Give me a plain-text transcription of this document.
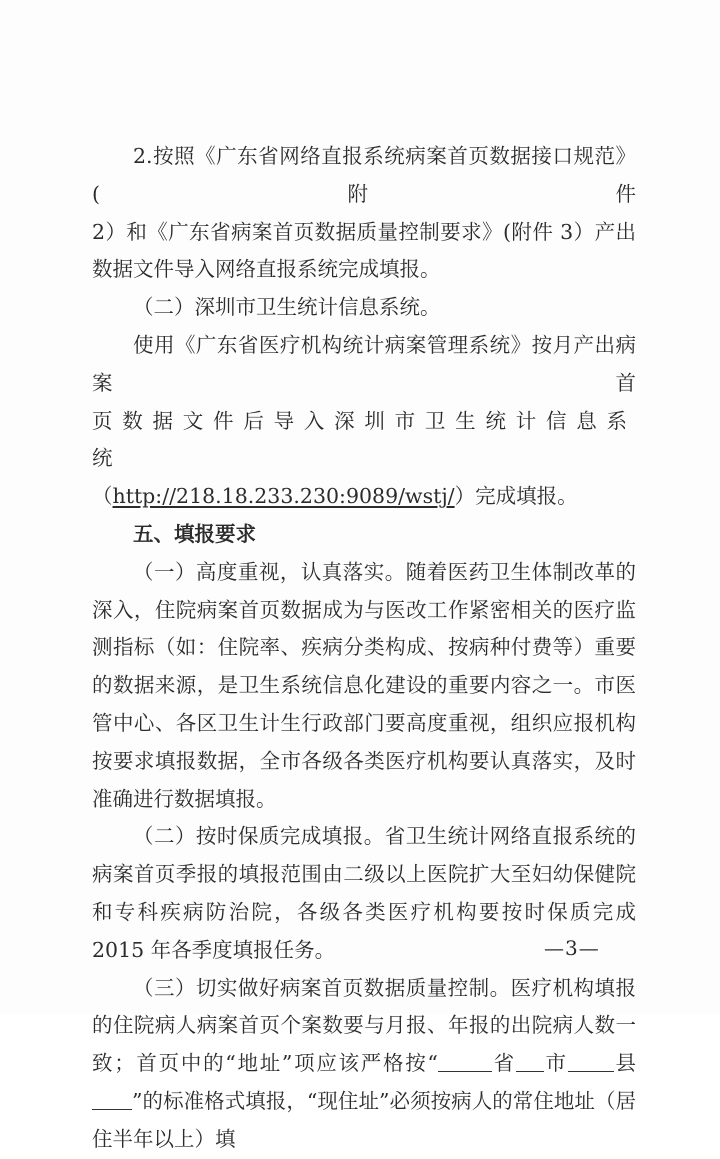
2.按照《广东省网络直报系统病案首页数据接口规范》(附件

2）和《广东省病案首页数据质量控制要求》(附件 3）产出数据文件导入网络直报系统完成填报。

（二）深圳市卫生统计信息系统。

使用《广东省医疗机构统计病案管理系统》按月产出病案首

页数据文件后导入深圳市卫生统计信息系统

（http://218.18.233.230:9089/wstj/）完成填报。

五、填报要求

（一）高度重视，认真落实。随着医药卫生体制改革的深入，住院病案首页数据成为与医改工作紧密相关的医疗监测指标（如：住院率、疾病分类构成、按病种付费等）重要的数据来源，是卫生系统信息化建设的重要内容之一。市医管中心、各区卫生计生行政部门要高度重视，组织应报机构按要求填报数据，全市各级各类医疗机构要认真落实，及时准确进行数据填报。

（二）按时保质完成填报。省卫生统计网络直报系统的病案首页季报的填报范围由二级以上医院扩大至妇幼保健院和专科疾病防治院，各级各类医疗机构要按时保质完成 2015 年各季度填报任务。

（三）切实做好病案首页数据质量控制。医疗机构填报的住院病人病案首页个案数要与月报、年报的出院病人数一致；首页中的“地址”项应该严格按“	省 市 县”的标准格式填报，“现住址”必须按病人的常住地址（居住半年以上）填

—3—
